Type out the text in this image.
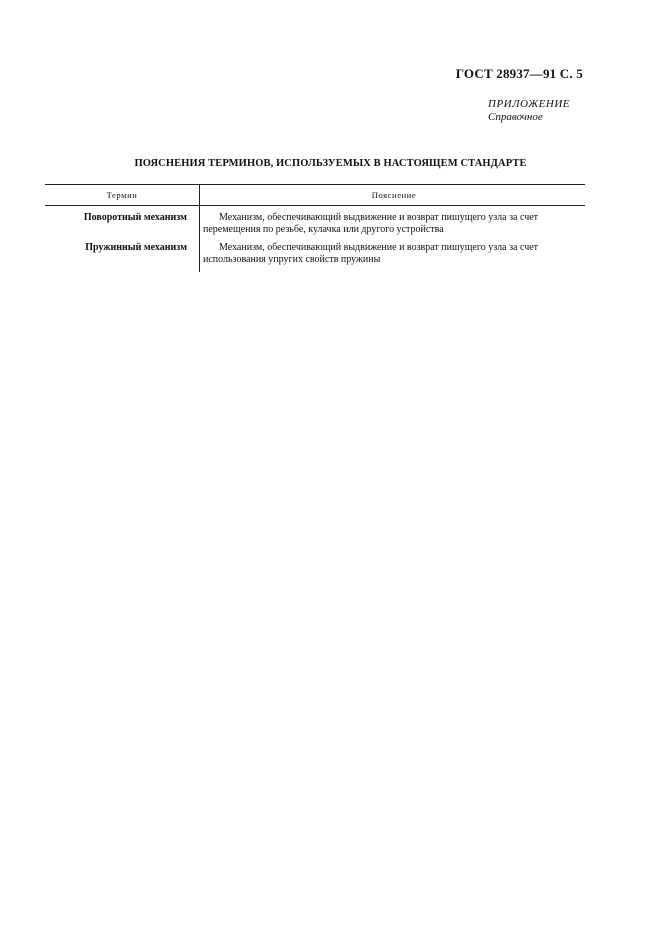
ГОСТ 28937—91 С. 5
ПРИЛОЖЕНИЕ
Справочное
ПОЯСНЕНИЯ ТЕРМИНОВ, ИСПОЛЬЗУЕМЫХ В НАСТОЯЩЕМ СТАНДАРТЕ
Термин	Пояснение
Поворотный механизм	Механизм, обеспечивающий выдвижение и возврат пишущего узла за счет перемещения по резьбе, кулачка или другого устройства
Пружинный механизм	Механизм, обеспечивающий выдвижение и возврат пишущего узла за счет использования упругих свойств пружины
